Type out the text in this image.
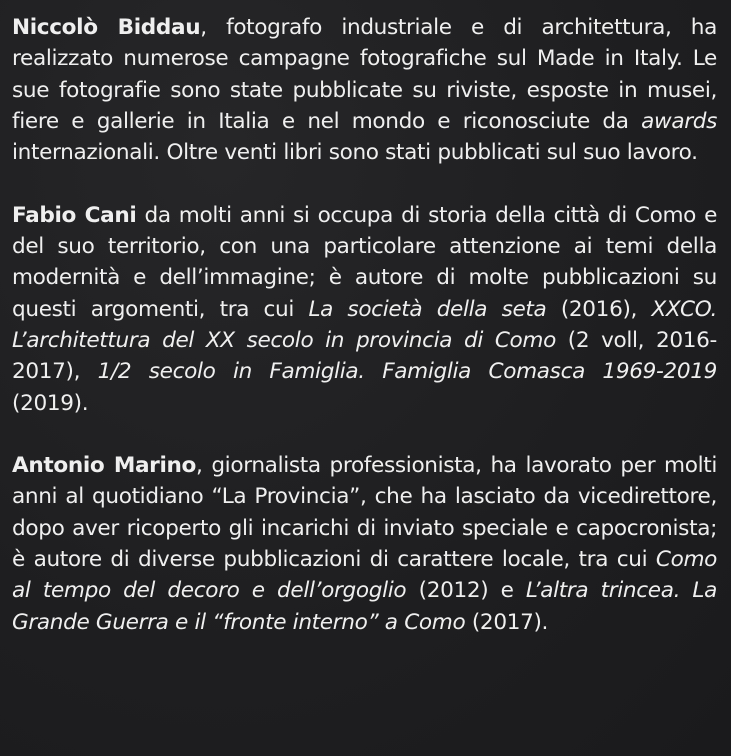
Niccolò Biddau, fotografo industriale e di architettura, ha realizzato numerose campagne fotografiche sul Made in Italy. Le sue fotografie sono state pubblicate su riviste, esposte in musei, fiere e gallerie in Italia e nel mondo e riconosciute da awards internazionali. Oltre venti libri sono stati pubblicati sul suo lavoro.

Fabio Cani da molti anni si occupa di storia della città di Como e del suo territorio, con una particolare attenzione ai temi della modernità e dell’immagine; è autore di molte pubblicazioni su questi argomenti, tra cui La società della seta (2016), XXCO. L’architettura del XX secolo in provincia di Como (2 voll, 2016-2017), 1/2 secolo in Famiglia. Famiglia Comasca 1969-2019 (2019).

Antonio Marino, giornalista professionista, ha lavorato per molti anni al quotidiano “La Provincia”, che ha lasciato da vicedirettore, dopo aver ricoperto gli incarichi di inviato speciale e capocronista; è autore di diverse pubblicazioni di carattere locale, tra cui Como al tempo del decoro e dell’orgoglio (2012) e L’altra trincea. La Grande Guerra e il “fronte interno” a Como (2017).
